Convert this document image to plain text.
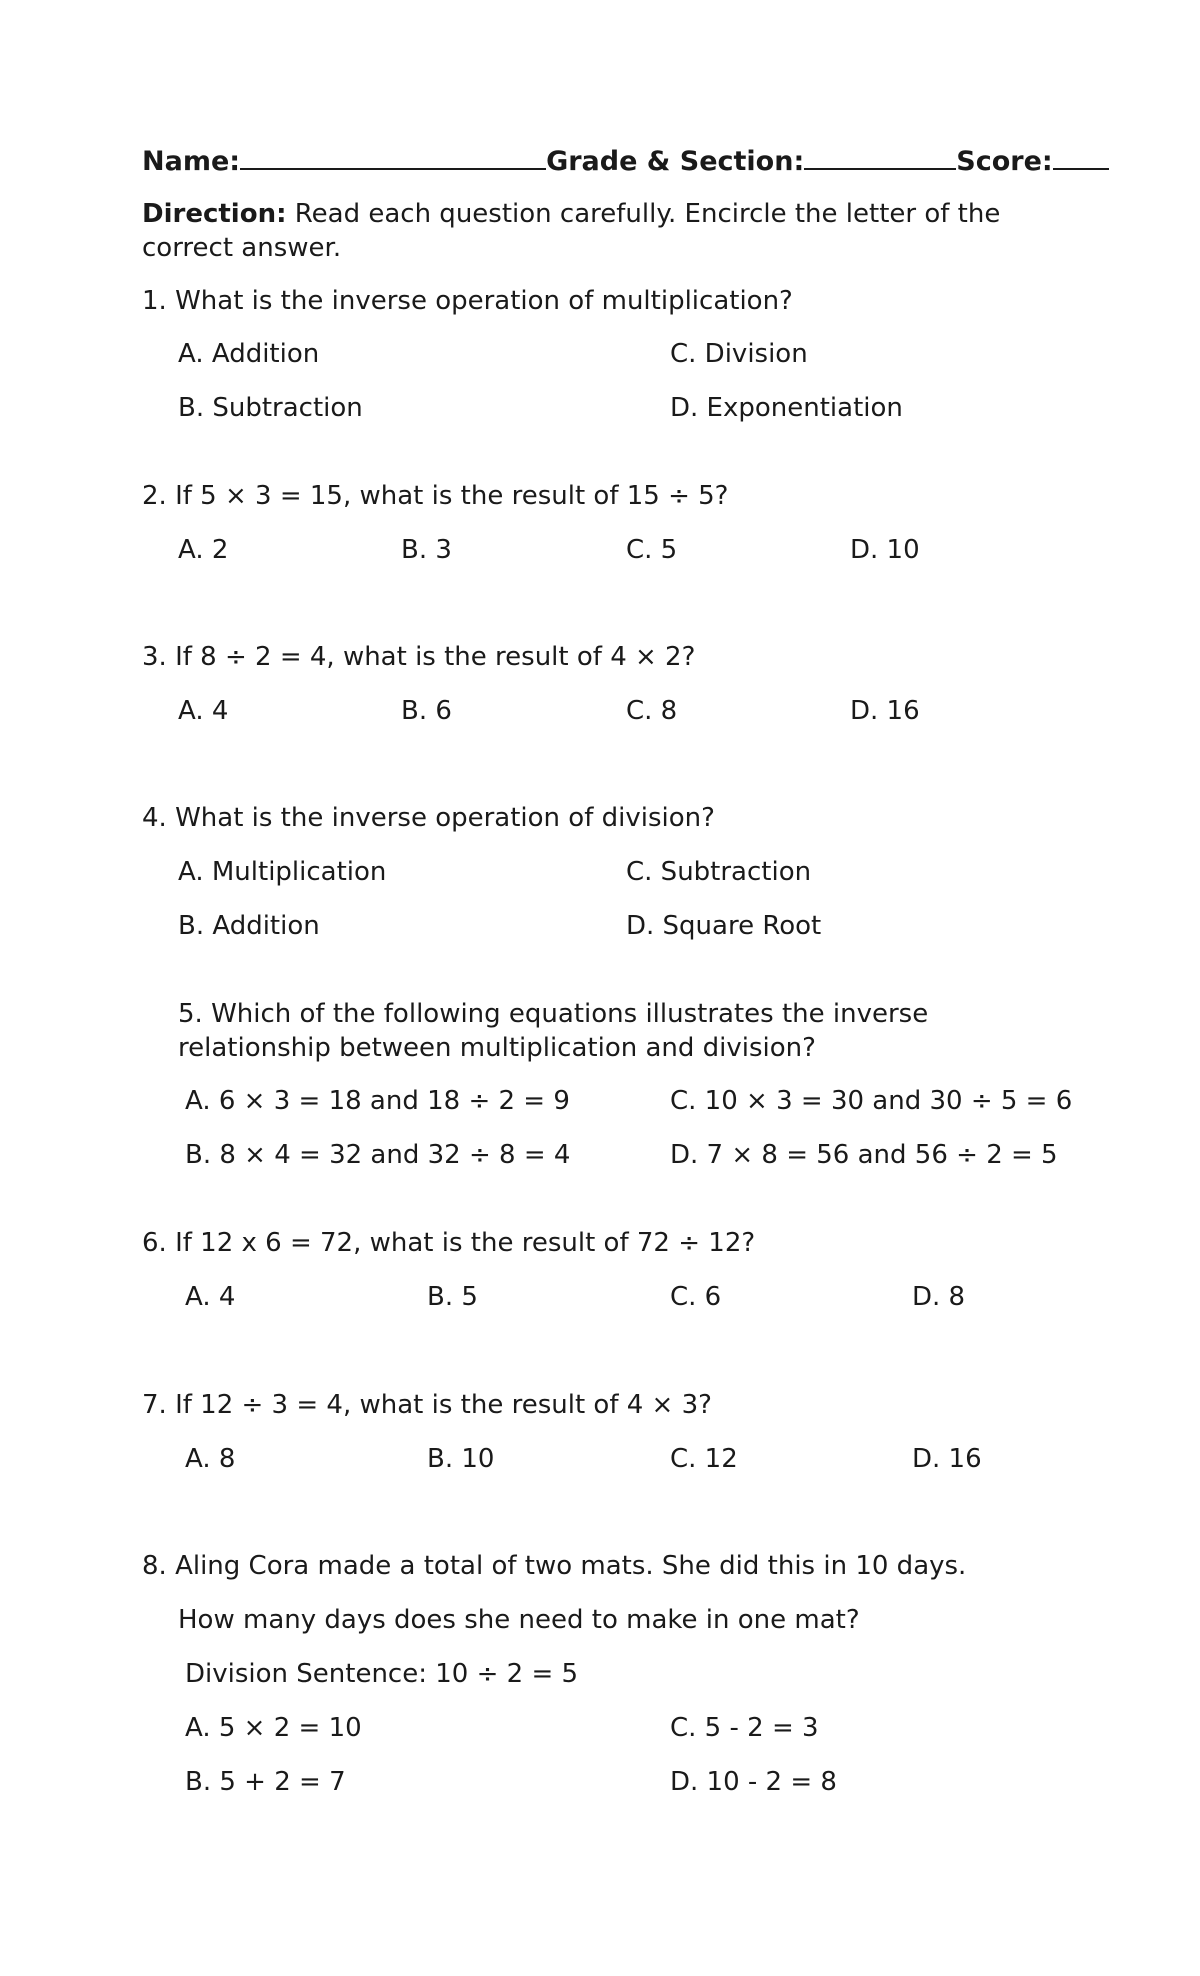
Name:	Grade & Section:	Score:
Direction: Read each question carefully. Encircle the letter of the correct answer.
1. What is the inverse operation of multiplication?
A. Addition	C. Division
B. Subtraction	D. Exponentiation
2. If 5 × 3 = 15, what is the result of 15 ÷ 5?
A. 2	B. 3	C. 5	D. 10
3. If 8 ÷ 2 = 4, what is the result of 4 × 2?
A. 4	B. 6	C. 8	D. 16
4. What is the inverse operation of division?
A. Multiplication	C. Subtraction
B. Addition	D. Square Root
5. Which of the following equations illustrates the inverse relationship between multiplication and division?
A. 6 × 3 = 18 and 18 ÷ 2 = 9	C. 10 × 3 = 30 and 30 ÷ 5 = 6
B. 8 × 4 = 32 and 32 ÷ 8 = 4	D. 7 × 8 = 56 and 56 ÷ 2 = 5
6. If 12 x 6 = 72, what is the result of 72 ÷ 12?
A. 4	B. 5	C. 6	D. 8
7. If 12 ÷ 3 = 4, what is the result of 4 × 3?
A. 8	B. 10	C. 12	D. 16
8. Aling Cora made a total of two mats. She did this in 10 days.
How many days does she need to make in one mat?
Division Sentence: 10 ÷ 2 = 5
A. 5 × 2 = 10	C. 5 - 2 = 3
B. 5 + 2 = 7	D. 10 - 2 = 8
